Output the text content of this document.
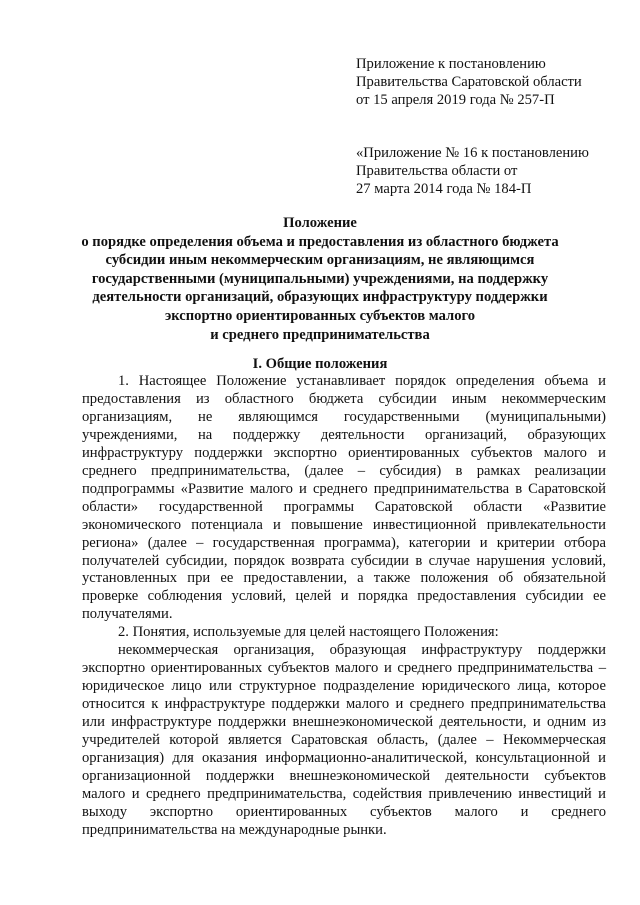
Приложение к постановлению
Правительства Саратовской области
от 15 апреля 2019 года № 257-П
«Приложение № 16 к постановлению
Правительства области от
27 марта 2014 года № 184-П
Положение
о порядке определения объема и предоставления из областного бюджета
субсидии иным некоммерческим организациям, не являющимся
государственными (муниципальными) учреждениями, на поддержку
деятельности организаций, образующих инфраструктуру поддержки
экспортно ориентированных субъектов малого
и среднего предпринимательства
I. Общие положения

1. Настоящее Положение устанавливает порядок определения объема и предоставления из областного бюджета субсидии иным некоммерческим организациям, не являющимся государственными (муниципальными) учреждениями, на поддержку деятельности организаций, образующих инфраструктуру поддержки экспортно ориентированных субъектов малого и среднего предпринимательства, (далее – субсидия) в рамках реализации подпрограммы «Развитие малого и среднего предпринимательства в Саратовской области» государственной программы Саратовской области «Развитие экономического потенциала и повышение инвестиционной привлекательности региона» (далее – государственная программа), категории и критерии отбора получателей субсидии, порядок возврата субсидии в случае нарушения условий, установленных при ее предоставлении, а также положения об обязательной проверке соблюдения условий, целей и порядка предоставления субсидии ее получателями.

2. Понятия, используемые для целей настоящего Положения:

некоммерческая организация, образующая инфраструктуру поддержки экспортно ориентированных субъектов малого и среднего предпринимательства – юридическое лицо или структурное подразделение юридического лица, которое относится к инфраструктуре поддержки малого и среднего предпринимательства или инфраструктуре поддержки внешнеэкономической деятельности, и одним из учредителей которой является Саратовская область, (далее – Некоммерческая организация) для оказания информационно-аналитической, консультационной и организационной поддержки внешнеэкономической деятельности субъектов малого и среднего предпринимательства, содействия привлечению инвестиций и выходу экспортно ориентированных субъектов малого и среднего предпринимательства на международные рынки.
